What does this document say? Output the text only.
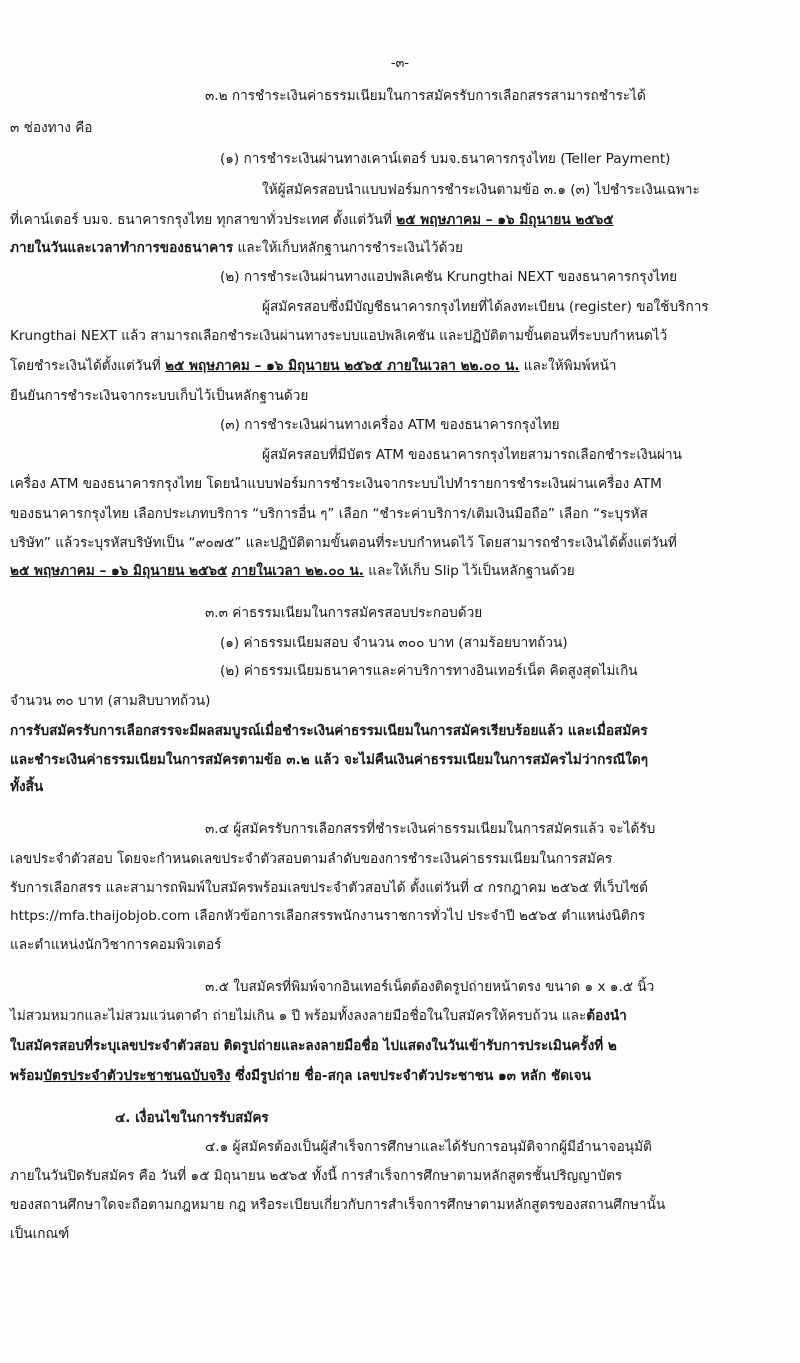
-๓-
๓.๒ การชำระเงินค่าธรรมเนียมในการสมัครรับการเลือกสรรสามารถชำระได้
๓ ช่องทาง คือ
(๑) การชำระเงินผ่านทางเคาน์เตอร์ บมจ.ธนาคารกรุงไทย (Teller Payment)
ให้ผู้สมัครสอบนำแบบฟอร์มการชำระเงินตามข้อ ๓.๑ (๓) ไปชำระเงินเฉพาะ
ที่เคาน์เตอร์ บมจ. ธนาคารกรุงไทย ทุกสาขาทั่วประเทศ ตั้งแต่วันที่ ๒๕ พฤษภาคม – ๑๖ มิถุนายน ๒๕๖๕
ภายในวันและเวลาทำการของธนาคาร และให้เก็บหลักฐานการชำระเงินไว้ด้วย
(๒) การชำระเงินผ่านทางแอปพลิเคชัน Krungthai NEXT ของธนาคารกรุงไทย
ผู้สมัครสอบซึ่งมีบัญชีธนาคารกรุงไทยที่ได้ลงทะเบียน (register) ขอใช้บริการ
Krungthai NEXT แล้ว สามารถเลือกชำระเงินผ่านทางระบบแอปพลิเคชัน และปฏิบัติตามขั้นตอนที่ระบบกำหนดไว้
โดยชำระเงินได้ตั้งแต่วันที่ ๒๕ พฤษภาคม – ๑๖ มิถุนายน ๒๕๖๕ ภายในเวลา ๒๒.๐๐ น. และให้พิมพ์หน้า
ยืนยันการชำระเงินจากระบบเก็บไว้เป็นหลักฐานด้วย
(๓) การชำระเงินผ่านทางเครื่อง ATM ของธนาคารกรุงไทย
ผู้สมัครสอบที่มีบัตร ATM ของธนาคารกรุงไทยสามารถเลือกชำระเงินผ่าน
เครื่อง ATM ของธนาคารกรุงไทย โดยนำแบบฟอร์มการชำระเงินจากระบบไปทำรายการชำระเงินผ่านเครื่อง ATM
ของธนาคารกรุงไทย เลือกประเภทบริการ “บริการอื่น ๆ” เลือก “ชำระค่าบริการ/เติมเงินมือถือ” เลือก “ระบุรหัส
บริษัท” แล้วระบุรหัสบริษัทเป็น “๙๐๗๕” และปฏิบัติตามขั้นตอนที่ระบบกำหนดไว้ โดยสามารถชำระเงินได้ตั้งแต่วันที่
๒๕ พฤษภาคม – ๑๖ มิถุนายน ๒๕๖๕ ภายในเวลา ๒๒.๐๐ น. และให้เก็บ Slip ไว้เป็นหลักฐานด้วย
๓.๓ ค่าธรรมเนียมในการสมัครสอบประกอบด้วย
(๑) ค่าธรรมเนียมสอบ จำนวน ๓๐๐ บาท (สามร้อยบาทถ้วน)
(๒) ค่าธรรมเนียมธนาคารและค่าบริการทางอินเทอร์เน็ต คิดสูงสุดไม่เกิน
จำนวน ๓๐ บาท (สามสิบบาทถ้วน)
การรับสมัครรับการเลือกสรรจะมีผลสมบูรณ์เมื่อชำระเงินค่าธรรมเนียมในการสมัครเรียบร้อยแล้ว และเมื่อสมัคร
และชำระเงินค่าธรรมเนียมในการสมัครตามข้อ ๓.๒ แล้ว จะไม่คืนเงินค่าธรรมเนียมในการสมัครไม่ว่ากรณีใดๆ
ทั้งสิ้น
๓.๔ ผู้สมัครรับการเลือกสรรที่ชำระเงินค่าธรรมเนียมในการสมัครแล้ว จะได้รับ
เลขประจำตัวสอบ โดยจะกำหนดเลขประจำตัวสอบตามลำดับของการชำระเงินค่าธรรมเนียมในการสมัคร
รับการเลือกสรร และสามารถพิมพ์ใบสมัครพร้อมเลขประจำตัวสอบได้ ตั้งแต่วันที่ ๔ กรกฎาคม ๒๕๖๕ ที่เว็บไซต์
https://mfa.thaijobjob.com เลือกหัวข้อการเลือกสรรพนักงานราชการทั่วไป ประจำปี ๒๕๖๕ ตำแหน่งนิติกร
และตำแหน่งนักวิชาการคอมพิวเตอร์
๓.๕ ใบสมัครที่พิมพ์จากอินเทอร์เน็ตต้องติดรูปถ่ายหน้าตรง ขนาด ๑ x ๑.๕ นิ้ว
ไม่สวมหมวกและไม่สวมแว่นตาดำ ถ่ายไม่เกิน ๑ ปี พร้อมทั้งลงลายมือชื่อในใบสมัครให้ครบถ้วน และต้องนำ
ใบสมัครสอบที่ระบุเลขประจำตัวสอบ ติดรูปถ่ายและลงลายมือชื่อ ไปแสดงในวันเข้ารับการประเมินครั้งที่ ๒
พร้อมบัตรประจำตัวประชาชนฉบับจริง ซึ่งมีรูปถ่าย ชื่อ-สกุล เลขประจำตัวประชาชน ๑๓ หลัก ชัดเจน
๔. เงื่อนไขในการรับสมัคร
๔.๑ ผู้สมัครต้องเป็นผู้สำเร็จการศึกษาและได้รับการอนุมัติจากผู้มีอำนาจอนุมัติ
ภายในวันปิดรับสมัคร คือ วันที่ ๑๕ มิถุนายน ๒๕๖๕ ทั้งนี้ การสำเร็จการศึกษาตามหลักสูตรชั้นปริญญาบัตร
ของสถานศึกษาใดจะถือตามกฎหมาย กฎ หรือระเบียบเกี่ยวกับการสำเร็จการศึกษาตามหลักสูตรของสถานศึกษานั้น
เป็นเกณฑ์
